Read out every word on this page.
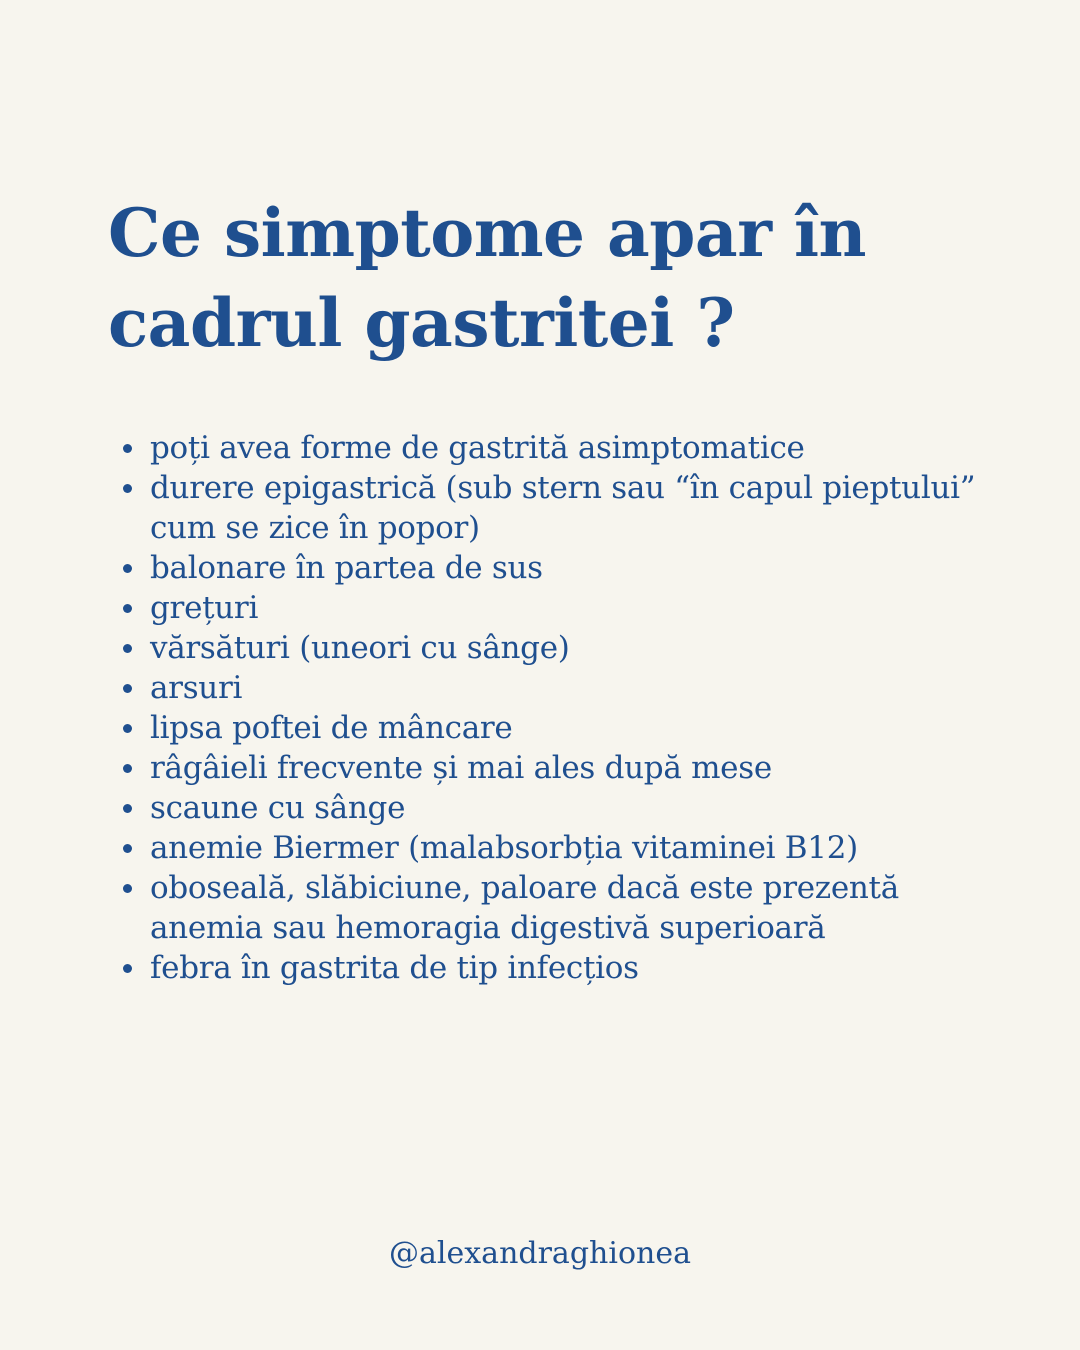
Ce simptome apar în cadrul gastritei ?
poți avea forme de gastrită asimptomatice
durere epigastrică (sub stern sau “în capul pieptului” cum se zice în popor)
balonare în partea de sus
grețuri
vărsături (uneori cu sânge)
arsuri
lipsa poftei de mâncare
râgâieli frecvente și mai ales după mese
scaune cu sânge
anemie Biermer (malabsorbția vitaminei B12)
oboseală, slăbiciune, paloare dacă este prezentă anemia sau hemoragia digestivă superioară
febra în gastrita de tip infecțios
@alexandraghionea
